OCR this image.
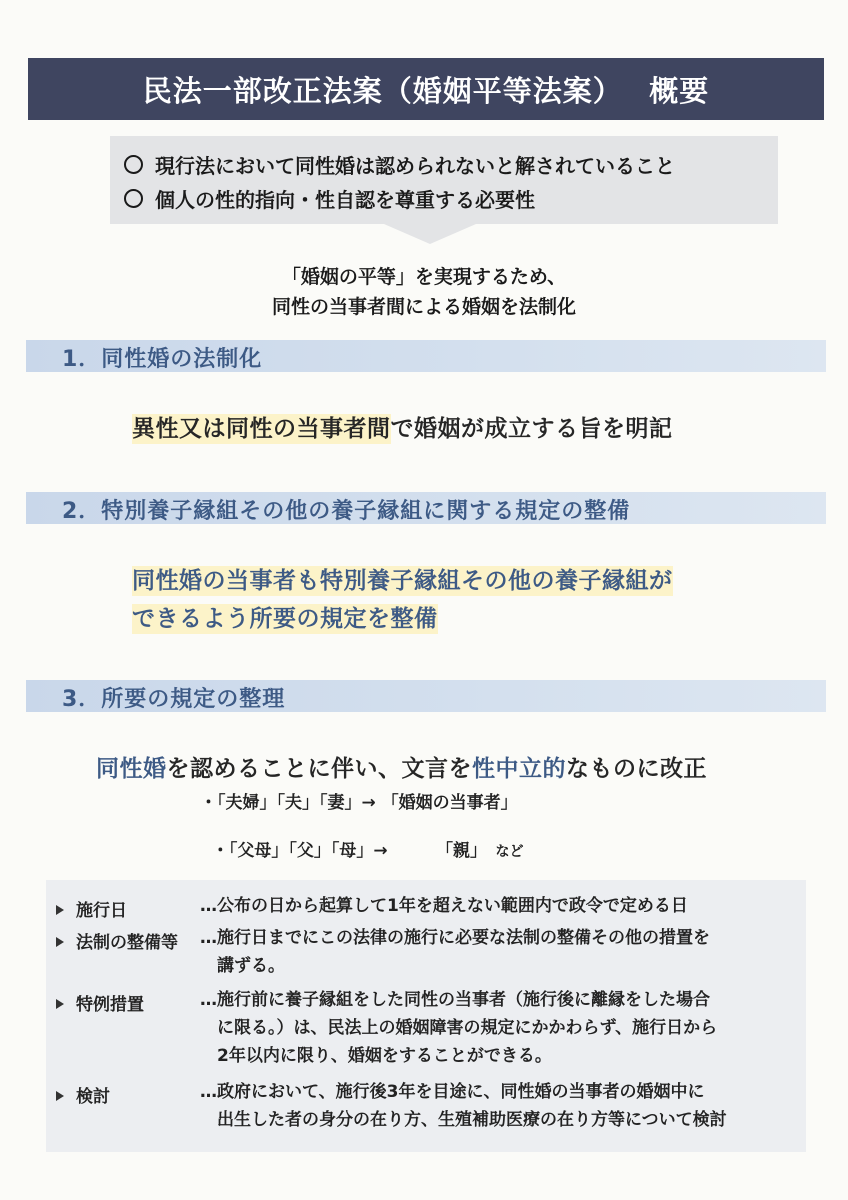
民法一部改正法案（婚姻平等法案）　 概要
現行法において同性婚は認められないと解されていること
個人の性的指向・性自認を尊重する必要性
「婚姻の平等」を実現するため、
同性の当事者間による婚姻を法制化
1．同性婚の法制化
異性又は同性の当事者間で婚姻が成立する旨を明記
2．特別養子縁組その他の養子縁組に関する規定の整備
同性婚の当事者も特別養子縁組その他の養子縁組が
できるよう所要の規定を整備
3．所要の規定の整理
同性婚を認めることに伴い、文言を性中立的なものに改正
・「夫婦」「夫」「妻」→ 「婚姻の当事者」

・「父母」「父」「母」→ 　　　「親」　 など

施行日	…公布の日から起算して1年を超えない範囲内で政令で定める日
法制の整備等 …施行日までにこの法律の施行に必要な法制の整備その他の措置を
　講ずる。
特例措置	…施行前に養子縁組をした同性の当事者（施行後に離縁をした場合
　に限る。）は、民法上の婚姻障害の規定にかかわらず、施行日から
　2年以内に限り、婚姻をすることができる。
検討	…政府において、施行後3年を目途に、同性婚の当事者の婚姻中に
　出生した者の身分の在り方、生殖補助医療の在り方等について検討
